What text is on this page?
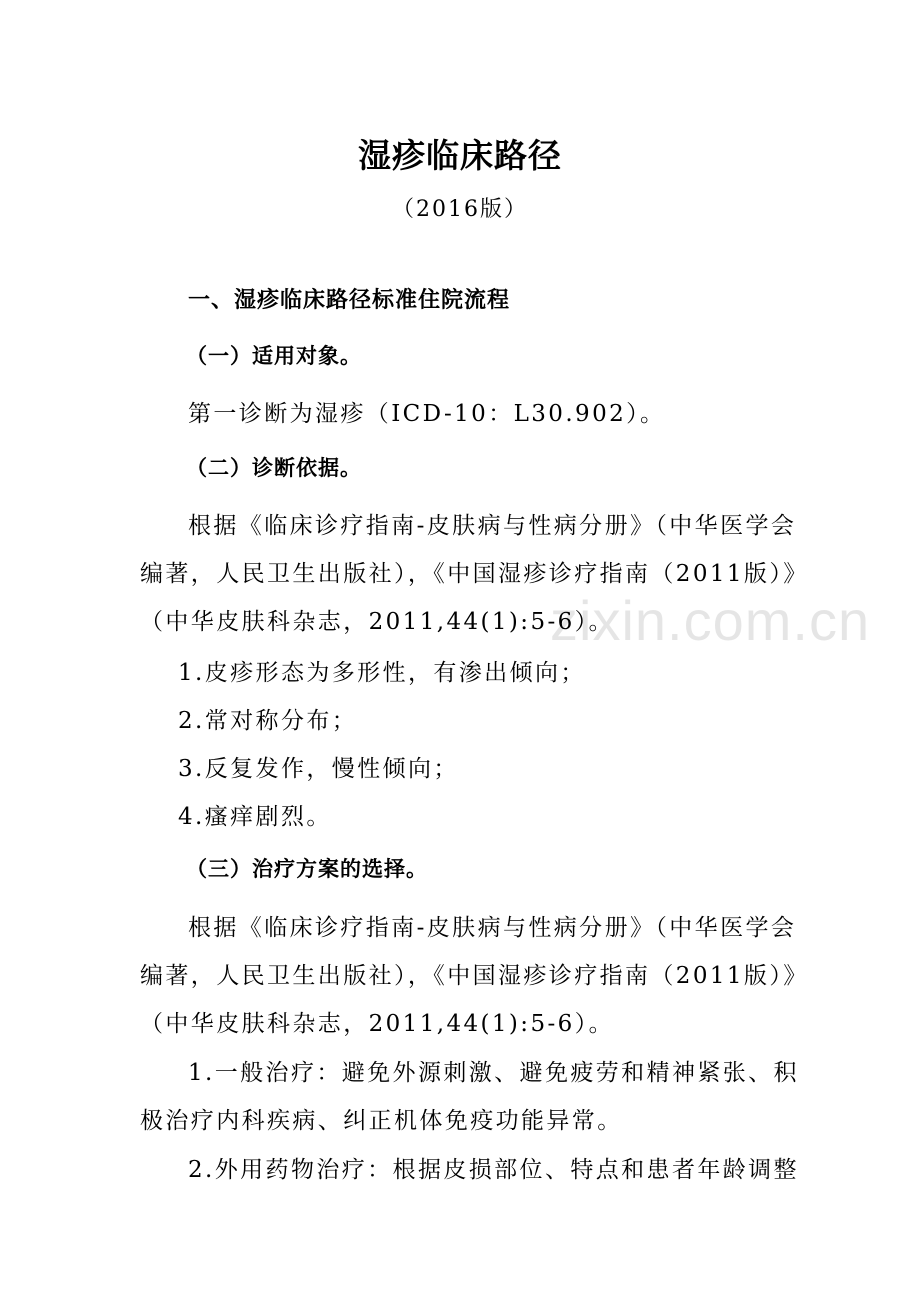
湿疹临床路径
（2016版）
一、湿疹临床路径标准住院流程
（一）适用对象。
第一诊断为湿疹（ICD-10：L30.902）。
（二）诊断依据。
根据《临床诊疗指南-皮肤病与性病分册》（中华医学会
编著，人民卫生出版社），《中国湿疹诊疗指南（2011版）》
（中华皮肤科杂志，2011,44(1):5-6）。
1.皮疹形态为多形性，有渗出倾向；
2.常对称分布；
3.反复发作，慢性倾向；
4.瘙痒剧烈。
（三）治疗方案的选择。
根据《临床诊疗指南-皮肤病与性病分册》（中华医学会
编著，人民卫生出版社），《中国湿疹诊疗指南（2011版）》
（中华皮肤科杂志，2011,44(1):5-6）。
1.一般治疗：避免外源刺激、避免疲劳和精神紧张、积
极治疗内科疾病、纠正机体免疫功能异常。
2.外用药物治疗：根据皮损部位、特点和患者年龄调整
zixin.com.cn
